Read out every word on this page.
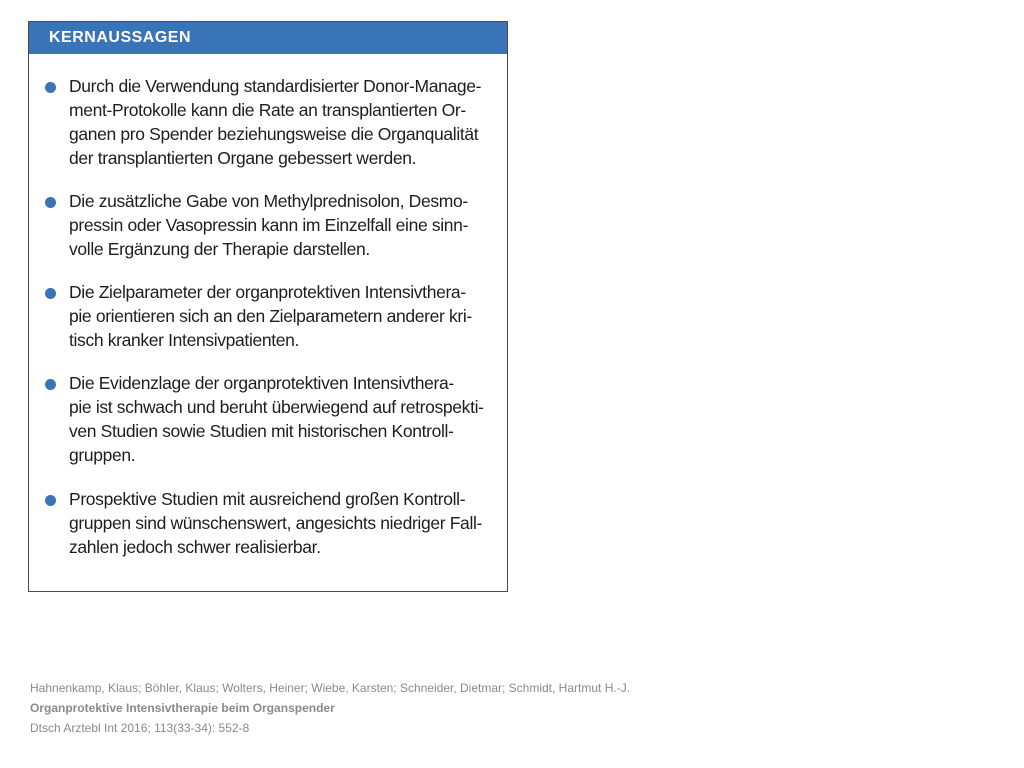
KERNAUSSAGEN
Durch die Verwendung standardisierter Donor-Manage-
ment-Protokolle kann die Rate an transplantierten Or-
ganen pro Spender beziehungsweise die Organqualität
der transplantierten Organe gebessert werden.
Die zusätzliche Gabe von Methylprednisolon, Desmo-
pressin oder Vasopressin kann im Einzelfall eine sinn-
volle Ergänzung der Therapie darstellen.
Die Zielparameter der organprotektiven Intensivthera-
pie orientieren sich an den Zielparametern anderer kri-
tisch kranker Intensivpatienten.
Die Evidenzlage der organprotektiven Intensivthera-
pie ist schwach und beruht überwiegend auf retrospekti-
ven Studien sowie Studien mit historischen Kontroll-
gruppen.
Prospektive Studien mit ausreichend großen Kontroll-
gruppen sind wünschenswert, angesichts niedriger Fall-
zahlen jedoch schwer realisierbar.
Hahnenkamp, Klaus; Böhler, Klaus; Wolters, Heiner; Wiebe, Karsten; Schneider, Dietmar; Schmidt, Hartmut H.-J.
Organprotektive Intensivtherapie beim Organspender
Dtsch Arztebl Int 2016; 113(33-34): 552-8
